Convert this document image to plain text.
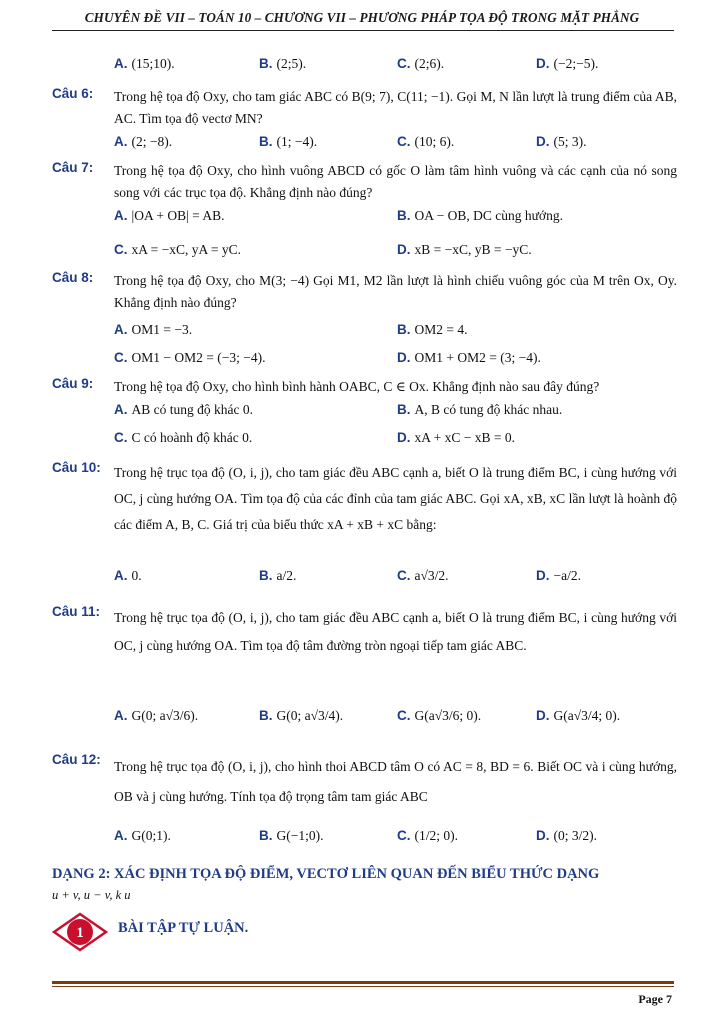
CHUYÊN ĐỀ VII – TOÁN 10 – CHƯƠNG VII – PHƯƠNG PHÁP TỌA ĐỘ TRONG MẶT PHẲNG
A. (15;10).	B. (2;5).	C. (2;6).	D. (−2;−5).
Câu 6: Trong hệ tọa độ Oxy, cho tam giác ABC có B(9; 7), C(11; −1). Gọi M, N lần lượt là trung điểm của AB, AC. Tìm tọa độ vectơ MN?
A. (2; −8).	B. (1; −4).	C. (10; 6).	D. (5; 3).
Câu 7: Trong hệ tọa độ Oxy, cho hình vuông ABCD có gốc O làm tâm hình vuông và các cạnh của nó song song với các trục tọa độ. Khẳng định nào đúng?
A. |OA + OB| = AB.	B. OA − OB, DC cùng hướng.
C. xA = −xC, yA = yC.	D. xB = −xC, yB = −yC.
Câu 8: Trong hệ tọa độ Oxy, cho M(3; −4) Gọi M1, M2 lần lượt là hình chiếu vuông góc của M trên Ox, Oy. Khẳng định nào đúng?
A. OM1 = −3.	B. OM2 = 4.
C. OM1 − OM2 = (−3; −4).	D. OM1 + OM2 = (3; −4).
Câu 9: Trong hệ tọa độ Oxy, cho hình bình hành OABC, C ∈ Ox. Khẳng định nào sau đây đúng?
A. AB có tung độ khác 0.	B. A, B có tung độ khác nhau.
C. C có hoành độ khác 0.	D. xA + xC − xB = 0.
Câu 10: Trong hệ trục tọa độ (O, i, j), cho tam giác đều ABC cạnh a, biết O là trung điểm BC, i cùng hướng với OC, j cùng hướng OA. Tìm tọa độ của các đỉnh của tam giác ABC. Gọi xA, xB, xC lần lượt là hoành độ các điểm A, B, C. Giá trị của biểu thức xA + xB + xC bằng:
A. 0.	B. a/2.	C. a√3/2.	D. −a/2.
Câu 11: Trong hệ trục tọa độ (O, i, j), cho tam giác đều ABC cạnh a, biết O là trung điểm BC, i cùng hướng với OC, j cùng hướng OA. Tìm tọa độ tâm đường tròn ngoại tiếp tam giác ABC.
A. G(0; a√3/6).	B. G(0; a√3/4).	C. G(a√3/6; 0).	D. G(a√3/4; 0).
Câu 12: Trong hệ trục tọa độ (O, i, j), cho hình thoi ABCD tâm O có AC = 8, BD = 6. Biết OC và i cùng hướng, OB và j cùng hướng. Tính tọa độ trọng tâm tam giác ABC
A. G(0;1).	B. G(−1;0).	C. (1/2; 0).	D. (0; 3/2).
DẠNG 2: XÁC ĐỊNH TỌA ĐỘ ĐIỂM, VECTƠ LIÊN QUAN ĐẾN BIỂU THỨC DẠNG
u + v, u − v, k u
1 BÀI TẬP TỰ LUẬN.
Page 7
